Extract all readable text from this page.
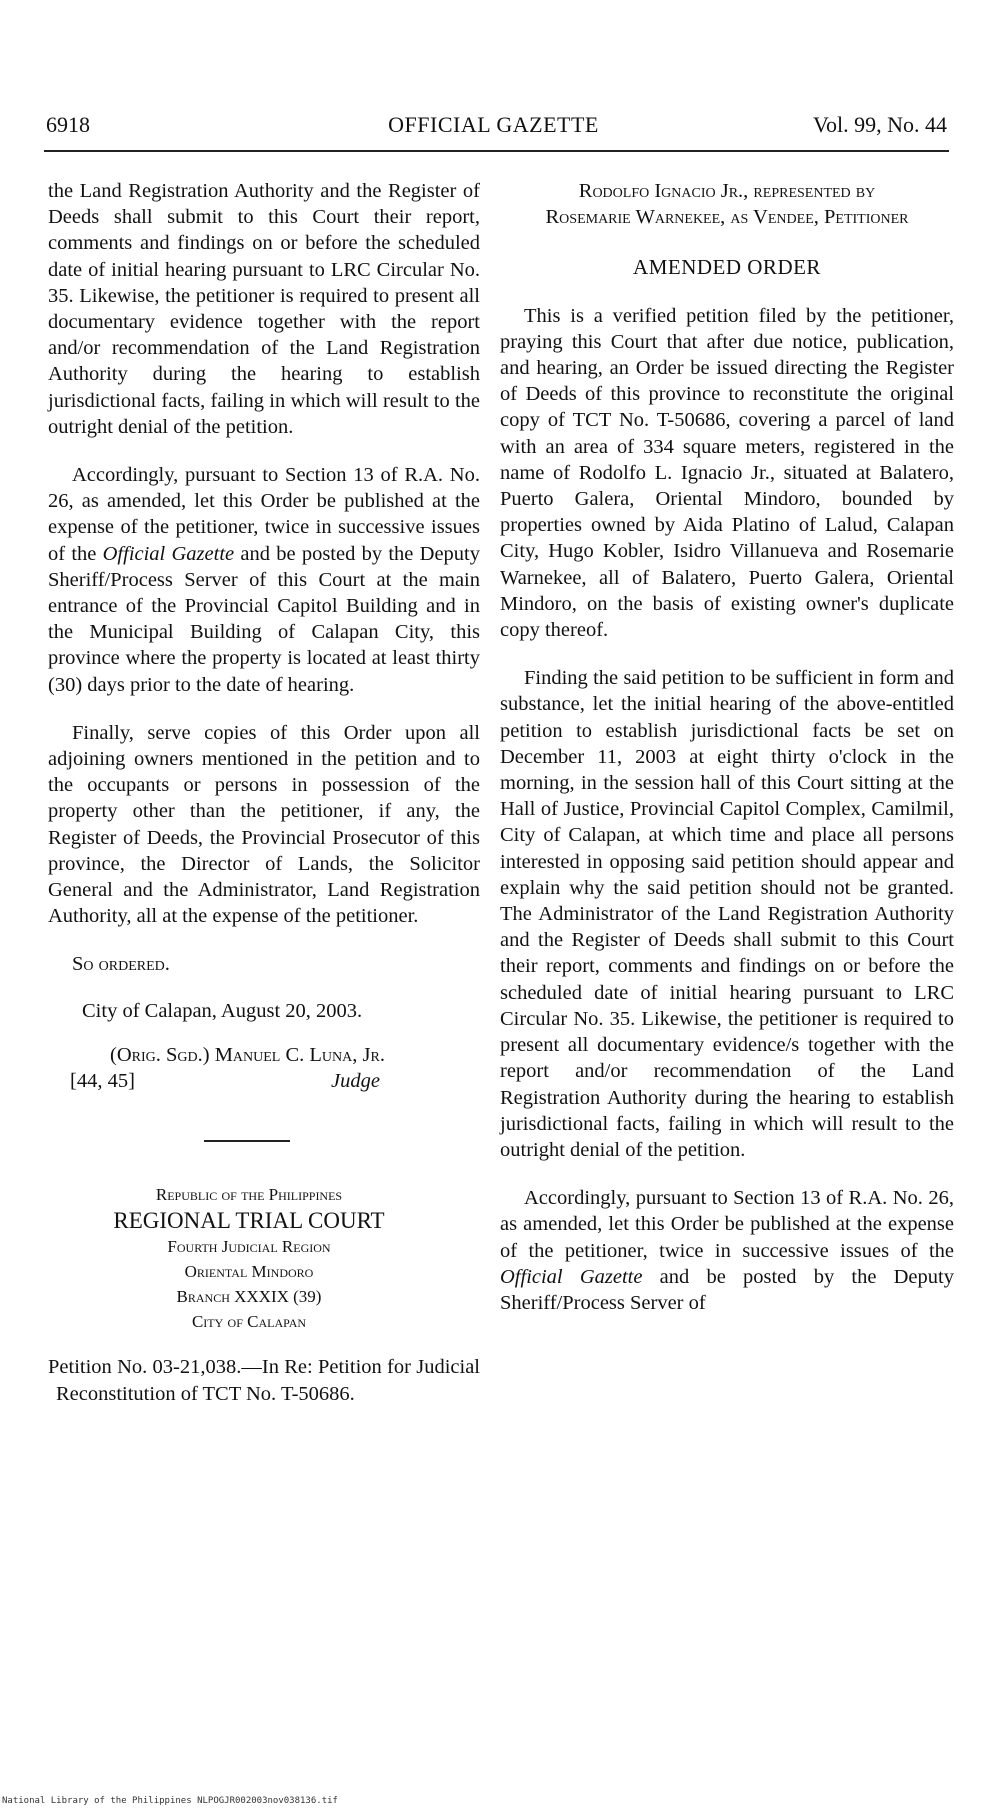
6918	OFFICIAL GAZETTE	Vol. 99, No. 44

the Land Registration Authority and the Register of Deeds shall submit to this Court their report, comments and findings on or before the scheduled date of initial hearing pursuant to LRC Circular No. 35. Likewise, the petitioner is required to present all documentary evidence together with the report and/or recommendation of the Land Registration Authority during the hearing to establish jurisdictional facts, failing in which will result to the outright denial of the petition.

Accordingly, pursuant to Section 13 of R.A. No. 26, as amended, let this Order be published at the expense of the petitioner, twice in successive issues of the Official Gazette and be posted by the Deputy Sheriff/Process Server of this Court at the main entrance of the Provincial Capitol Building and in the Municipal Building of Calapan City, this province where the property is located at least thirty (30) days prior to the date of hearing.

Finally, serve copies of this Order upon all adjoining owners mentioned in the petition and to the occupants or persons in possession of the property other than the petitioner, if any, the Register of Deeds, the Provincial Prosecutor of this province, the Director of Lands, the Solicitor General and the Administrator, Land Registration Authority, all at the expense of the petitioner.

So ordered.
City of Calapan, August 20, 2003.
(Orig. Sgd.) Manuel C. Luna, Jr.
[44, 45]	Judge
Republic of the Philippines
REGIONAL TRIAL COURT
Fourth Judicial Region
Oriental Mindoro
Branch XXXIX (39)
City of Calapan
Petition No. 03-21,038.—In Re: Petition for Judicial Reconstitution of TCT No. T-50686.
Rodolfo Ignacio Jr., represented by
Rosemarie Warnekee, as Vendee, Petitioner
AMENDED ORDER

This is a verified petition filed by the petitioner, praying this Court that after due notice, publication, and hearing, an Order be issued directing the Register of Deeds of this province to reconstitute the original copy of TCT No. T-50686, covering a parcel of land with an area of 334 square meters, registered in the name of Rodolfo L. Ignacio Jr., situated at Balatero, Puerto Galera, Oriental Mindoro, bounded by properties owned by Aida Platino of Lalud, Calapan City, Hugo Kobler, Isidro Villanueva and Rosemarie Warnekee, all of Balatero, Puerto Galera, Oriental Mindoro, on the basis of existing owner's duplicate copy thereof.

Finding the said petition to be sufficient in form and substance, let the initial hearing of the above-entitled petition to establish jurisdictional facts be set on December 11, 2003 at eight thirty o'clock in the morning, in the session hall of this Court sitting at the Hall of Justice, Provincial Capitol Complex, Camilmil, City of Calapan, at which time and place all persons interested in opposing said petition should appear and explain why the said petition should not be granted. The Administrator of the Land Registration Authority and the Register of Deeds shall submit to this Court their report, comments and findings on or before the scheduled date of initial hearing pursuant to LRC Circular No. 35. Likewise, the petitioner is required to present all documentary evidence/s together with the report and/or recommendation of the Land Registration Authority during the hearing to establish jurisdictional facts, failing in which will result to the outright denial of the petition.

Accordingly, pursuant to Section 13 of R.A. No. 26, as amended, let this Order be published at the expense of the petitioner, twice in successive issues of the Official Gazette and be posted by the Deputy Sheriff/Process Server of

National Library of the Philippines NLPOGJR002003nov038136.tif
